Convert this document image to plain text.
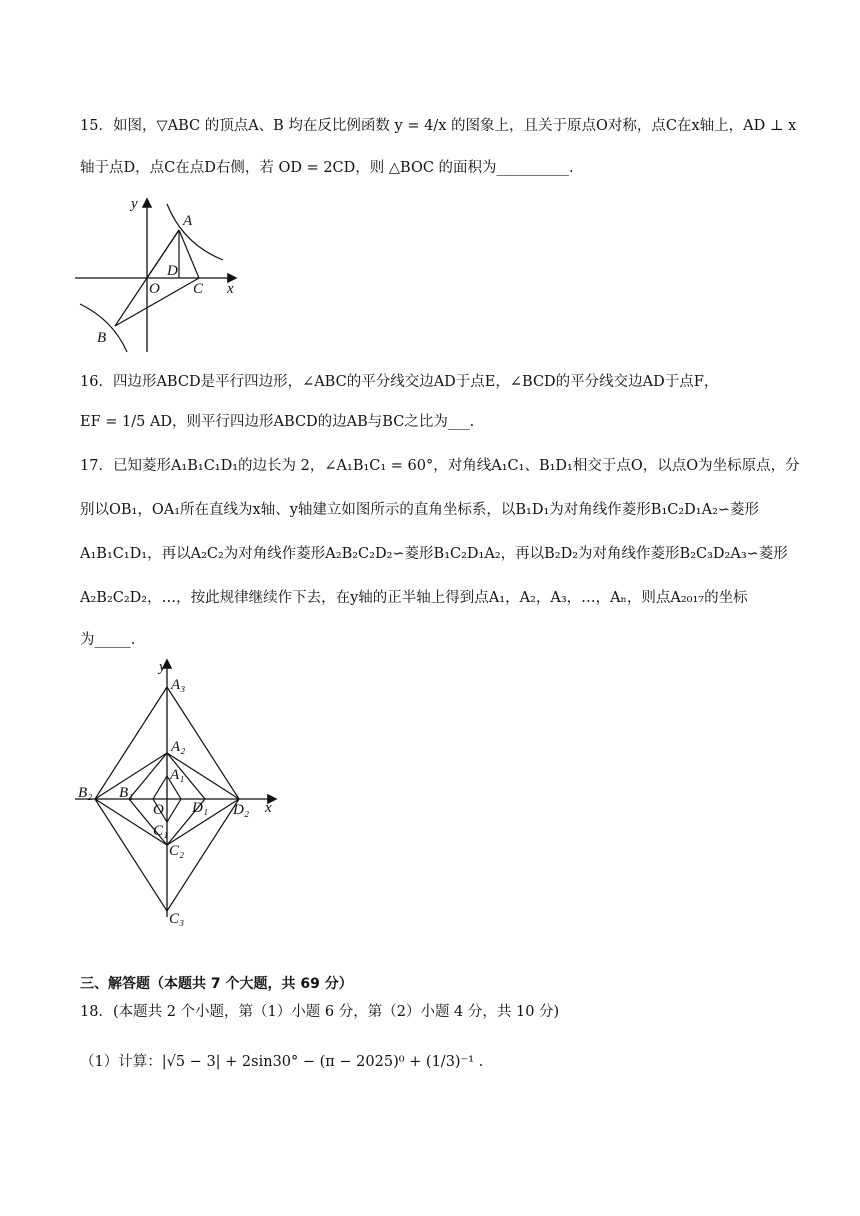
15．如图，▽ABC 的顶点A、B 均在反比例函数 y = 4/x 的图象上，且关于原点O对称，点C在x轴上，AD ⊥ x
轴于点D，点C在点D右侧，若 OD = 2CD，则 △BOC 的面积为__________.
y
x
A
D
O C
B
16．四边形ABCD是平行四边形，∠ABC的平分线交边AD于点E，∠BCD的平分线交边AD于点F，
EF = 1/5 AD，则平行四边形ABCD的边AB与BC之比为___.
17．已知菱形A₁B₁C₁D₁的边长为 2，∠A₁B₁C₁ = 60°，对角线A₁C₁、B₁D₁相交于点O，以点O为坐标原点，分
别以OB₁，OA₁所在直线为x轴、y轴建立如图所示的直角坐标系，以B₁D₁为对角线作菱形B₁C₂D₁A₂∽菱形
A₁B₁C₁D₁，再以A₂C₂为对角线作菱形A₂B₂C₂D₂∽菱形B₁C₂D₁A₂，再以B₂D₂为对角线作菱形B₂C₃D₂A₃∽菱形
A₂B₂C₂D₂，…，按此规律继续作下去，在y轴的正半轴上得到点A₁，A₂，A₃，…，Aₙ，则点A₂₀₁₇的坐标
为_____.
y
x
A₃
A₂
A₁
B₂ B₁
O D₁ D₂
C₁
C₂
C₃
三、解答题（本题共 7 个大题，共 69 分）
18．(本题共 2 个小题，第（1）小题 6 分，第（2）小题 4 分，共 10 分)
（1）计算：|√5 − 3| + 2sin30° − (π − 2025)⁰ + (1/3)⁻¹ .
